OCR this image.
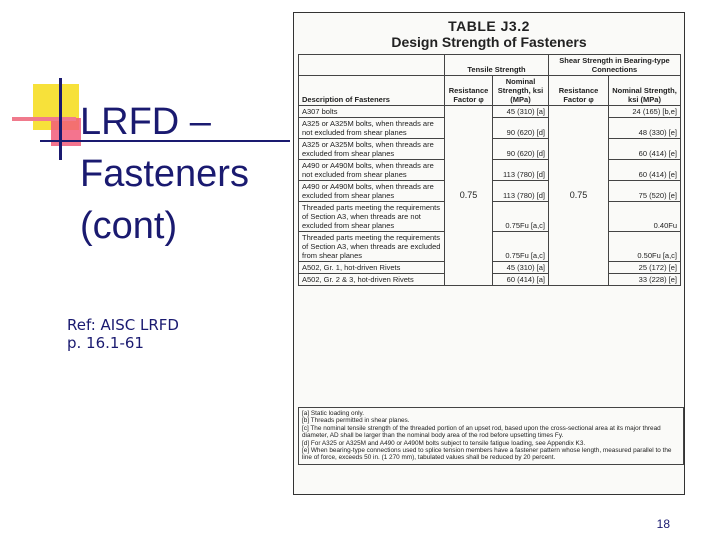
LRFD –
Fasteners
(cont)
Ref: AISC LRFD
p. 16.1-61
TABLE J3.2
Design Strength of Fasteners
	Tensile Strength		Shear Strength in Bearing-type Connections	
Description of Fasteners	Resistance Factor φ	Nominal Strength, ksi (MPa)	Resistance Factor φ	Nominal Strength, ksi (MPa)
A307 bolts	0.75	45 (310) [a]	0.75	24 (165) [b,e]
A325 or A325M bolts, when threads are not excluded from shear planes		90 (620) [d]		48 (330) [e]
A325 or A325M bolts, when threads are excluded from shear planes		90 (620) [d]		60 (414) [e]
A490 or A490M bolts, when threads are not excluded from shear planes		113 (780) [d]		60 (414) [e]
A490 or A490M bolts, when threads are excluded from shear planes		113 (780) [d]		75 (520) [e]
Threaded parts meeting the requirements of Section A3, when threads are not excluded from shear planes		0.75Fu [a,c]		0.40Fu
Threaded parts meeting the requirements of Section A3, when threads are excluded from shear planes		0.75Fu [a,c]		0.50Fu [a,c]
A502, Gr. 1, hot-driven Rivets		45 (310) [a]		25 (172) [e]
A502, Gr. 2 & 3, hot-driven Rivets		60 (414) [a]		33 (228) [e]
[a] Static loading only.
[b] Threads permitted in shear planes.
[c] The nominal tensile strength of the threaded portion of an upset rod, based upon the cross-sectional area at its major thread diameter, AD shall be larger than the nominal body area of the rod before upsetting times Fy.
[d] For A325 or A325M and A490 or A490M bolts subject to tensile fatigue loading, see Appendix K3.
[e] When bearing-type connections used to splice tension members have a fastener pattern whose length, measured parallel to the line of force, exceeds 50 in. (1 270 mm), tabulated values shall be reduced by 20 percent.
18
